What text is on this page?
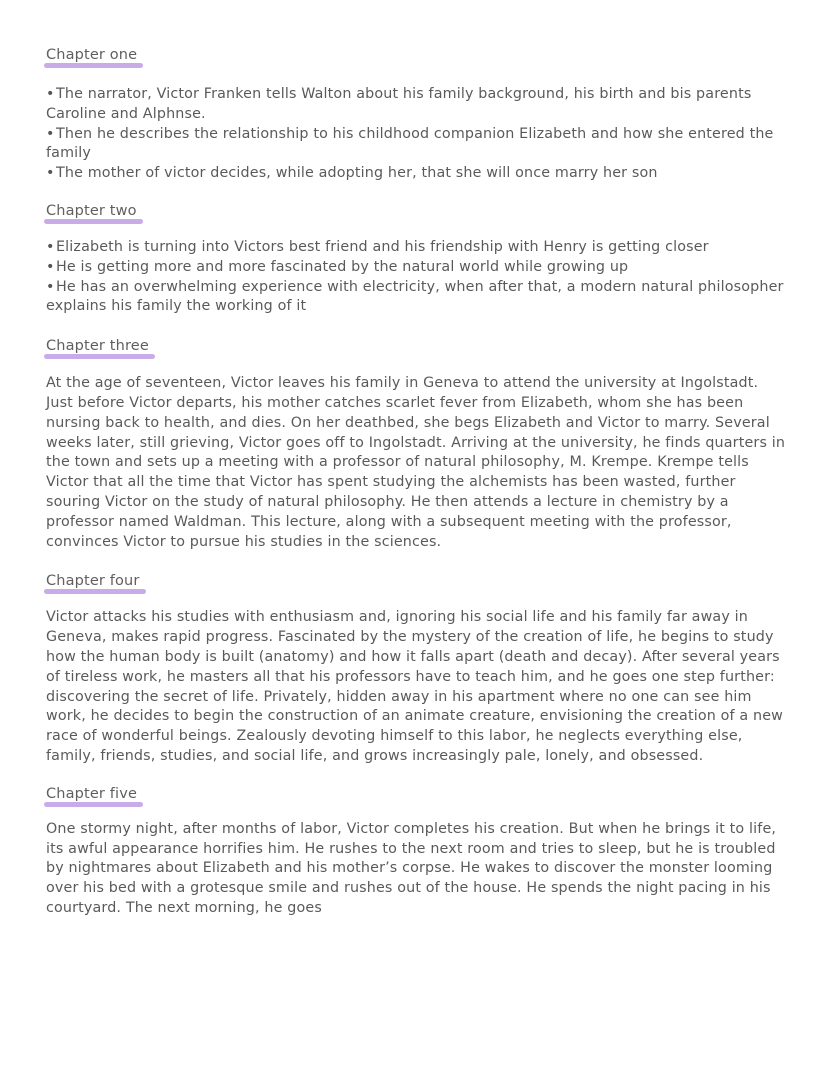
Chapter one
•The narrator, Victor Franken tells Walton about his family background, his birth and bis parents Caroline and Alphnse.
•Then he describes the relationship to his childhood companion Elizabeth and how she entered the family
•The mother of victor decides, while adopting her, that she will once marry her son
Chapter two
•Elizabeth is turning into Victors best friend and his friendship with Henry is getting closer
•He is getting more and more fascinated by the natural world while growing up
•He has an overwhelming experience with electricity, when after that, a modern natural philosopher explains his family the working of it
Chapter three

At the age of seventeen, Victor leaves his family in Geneva to attend the university at Ingolstadt. Just before Victor departs, his mother catches scarlet fever from Elizabeth, whom she has been nursing back to health, and dies. On her deathbed, she begs Elizabeth and Victor to marry. Several weeks later, still grieving, Victor goes off to Ingolstadt. Arriving at the university, he finds quarters in the town and sets up a meeting with a professor of natural philosophy, M. Krempe. Krempe tells Victor that all the time that Victor has spent studying the alchemists has been wasted, further souring Victor on the study of natural philosophy. He then attends a lecture in chemistry by a professor named Waldman. This lecture, along with a subsequent meeting with the professor, convinces Victor to pursue his studies in the sciences.

Chapter four

Victor attacks his studies with enthusiasm and, ignoring his social life and his family far away in Geneva, makes rapid progress. Fascinated by the mystery of the creation of life, he begins to study how the human body is built (anatomy) and how it falls apart (death and decay). After several years of tireless work, he masters all that his professors have to teach him, and he goes one step further: discovering the secret of life. Privately, hidden away in his apartment where no one can see him work, he decides to begin the construction of an animate creature, envisioning the creation of a new race of wonderful beings. Zealously devoting himself to this labor, he neglects everything else, family, friends, studies, and social life, and grows increasingly pale, lonely, and obsessed.

Chapter five

One stormy night, after months of labor, Victor completes his creation. But when he brings it to life, its awful appearance horrifies him. He rushes to the next room and tries to sleep, but he is troubled by nightmares about Elizabeth and his mother’s corpse. He wakes to discover the monster looming over his bed with a grotesque smile and rushes out of the house. He spends the night pacing in his courtyard. The next morning, he goes
